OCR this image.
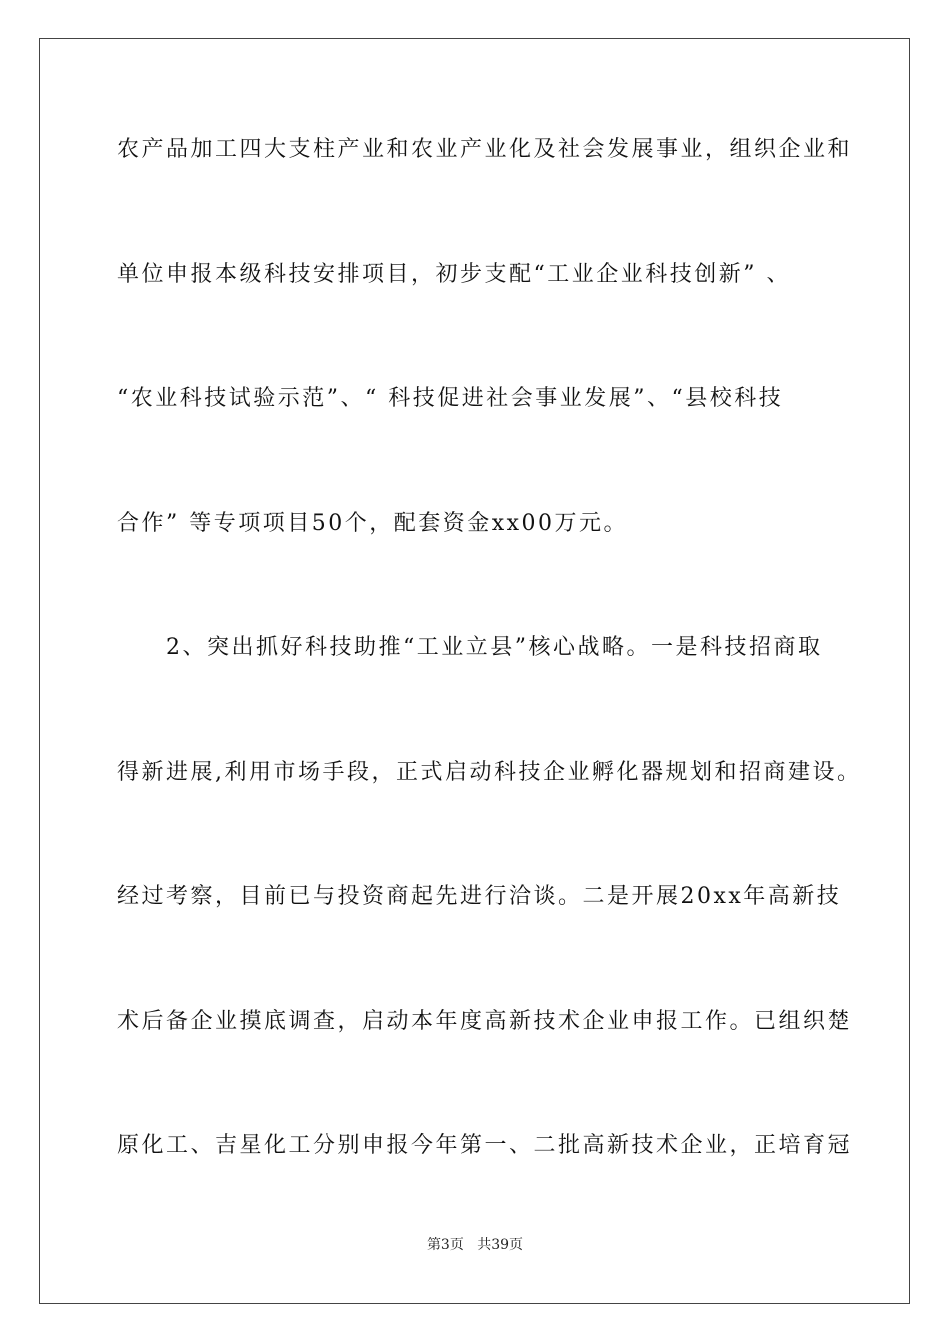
农产品加工四大支柱产业和农业产业化及社会发展事业，组织企业和
单位申报本级科技安排项目，初步支配“工业企业科技创新” 、
“农业科技试验示范”、“ 科技促进社会事业发展”、“县校科技
合作” 等专项项目50个，配套资金xx00万元。
2、突出抓好科技助推“工业立县”核心战略。一是科技招商取
得新进展,利用市场手段，正式启动科技企业孵化器规划和招商建设。
经过考察，目前已与投资商起先进行洽谈。二是开展20xx年高新技
术后备企业摸底调查，启动本年度高新技术企业申报工作。已组织楚
原化工、吉星化工分别申报今年第一、二批高新技术企业，正培育冠
第3页 共39页
